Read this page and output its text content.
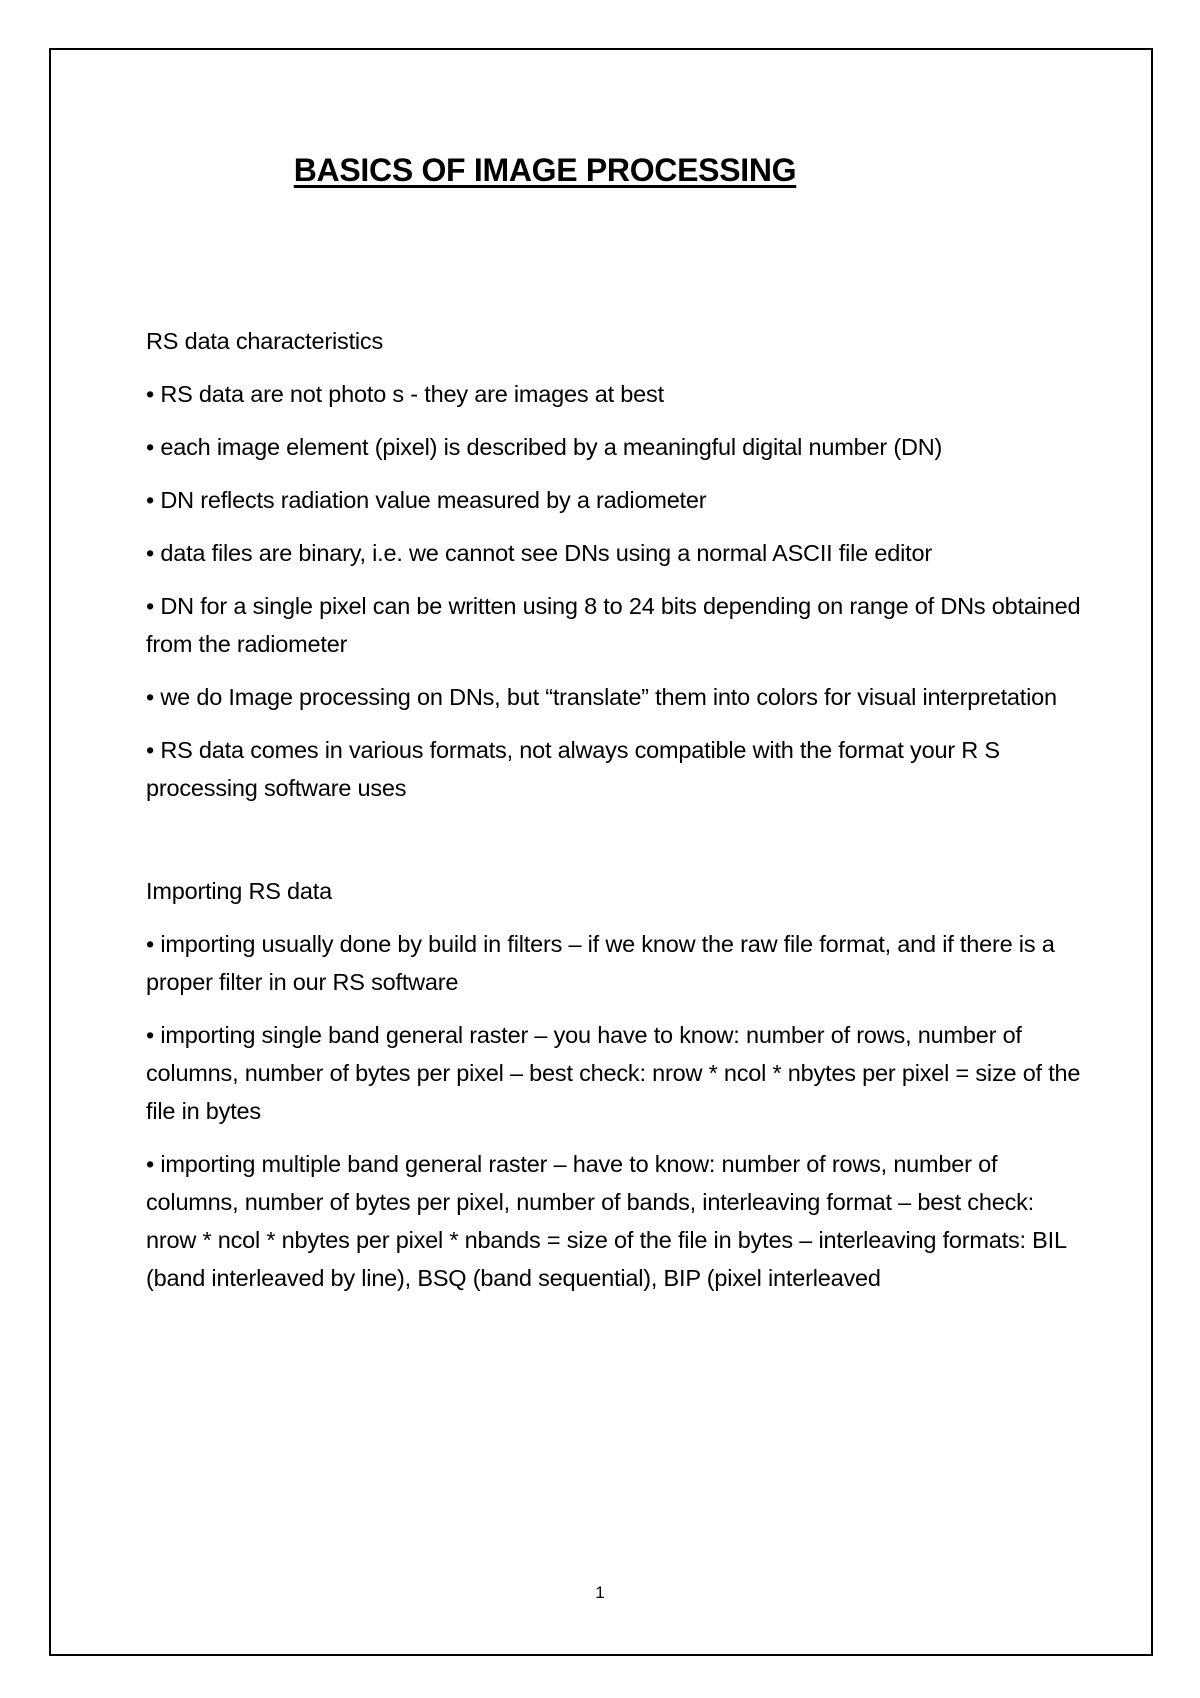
BASICS OF IMAGE PROCESSING
RS data characteristics
• RS data are not photo s - they are images at best
• each image element (pixel) is described by a meaningful digital number (DN)
• DN reflects radiation value measured by a radiometer
• data files are binary, i.e. we cannot see DNs using a normal ASCII file editor
• DN for a single pixel can be written using 8 to 24 bits depending on range of DNs obtained from the radiometer
• we do Image processing on DNs, but “translate” them into colors for visual interpretation
• RS data comes in various formats, not always compatible with the format your R S processing software uses
Importing RS data
• importing usually done by build in filters – if we know the raw file format, and if there is a proper filter in our RS software
• importing single band general raster – you have to know: number of rows, number of columns, number of bytes per pixel – best check: nrow * ncol * nbytes per pixel = size of the file in bytes
• importing multiple band general raster – have to know: number of rows, number of columns, number of bytes per pixel, number of bands, interleaving format – best check: nrow * ncol * nbytes per pixel * nbands = size of the file in bytes – interleaving formats: BIL (band interleaved by line), BSQ (band sequential), BIP (pixel interleaved
1
